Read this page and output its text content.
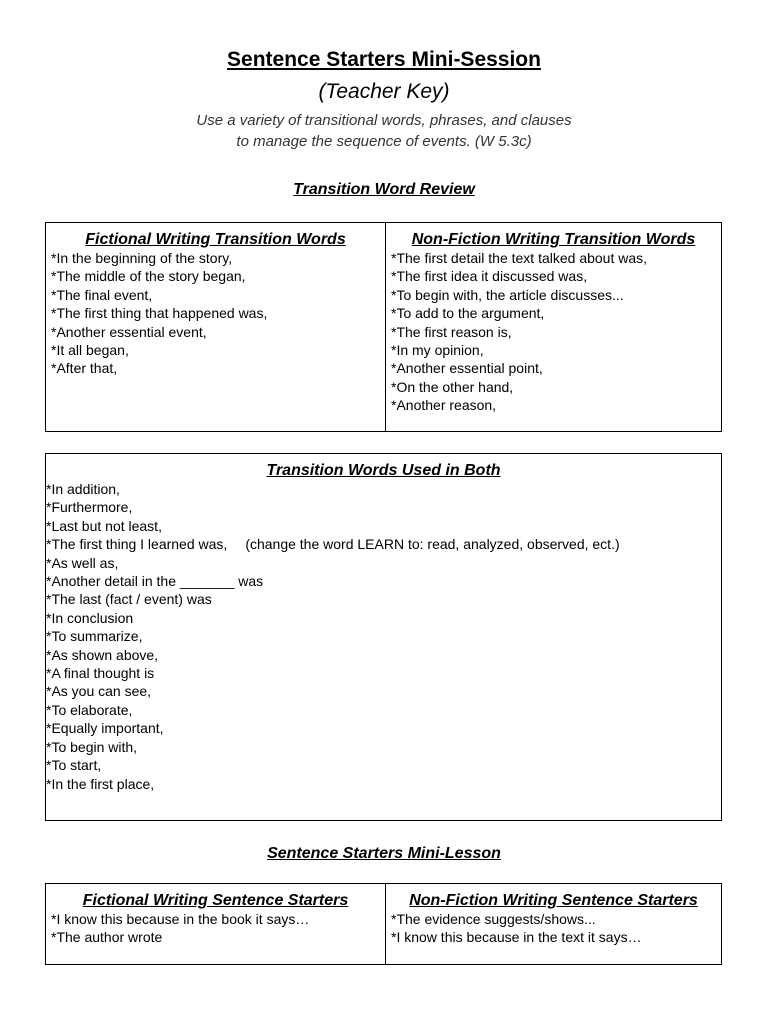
Sentence Starters Mini-Session
(Teacher Key)
Use a variety of transitional words, phrases, and clauses
to manage the sequence of events. (W 5.3c)
Transition Word Review
Fictional Writing Transition Words
*In the beginning of the story,
*The middle of the story began,
*The final event,
*The first thing that happened was,
*Another essential event,
*It all began,
*After that,
Non-Fiction Writing Transition Words
*The first detail the text talked about was,
*The first idea it discussed was,
*To begin with, the article discusses...
*To add to the argument,
*The first reason is,
*In my opinion,
*Another essential point,
*On the other hand,
*Another reason,
Transition Words Used in Both
*In addition,
*Furthermore,
*Last but not least,
*The first thing I learned was, (change the word LEARN to: read, analyzed, observed, ect.)
*As well as,
*Another detail in the _______ was
*The last (fact / event) was
*In conclusion
*To summarize,
*As shown above,
*A final thought is
*As you can see,
*To elaborate,
*Equally important,
*To begin with,
*To start,
*In the first place,
Sentence Starters Mini-Lesson
Fictional Writing Sentence Starters
*I know this because in the book it says…
*The author wrote
Non-Fiction Writing Sentence Starters
*The evidence suggests/shows...
*I know this because in the text it says…
